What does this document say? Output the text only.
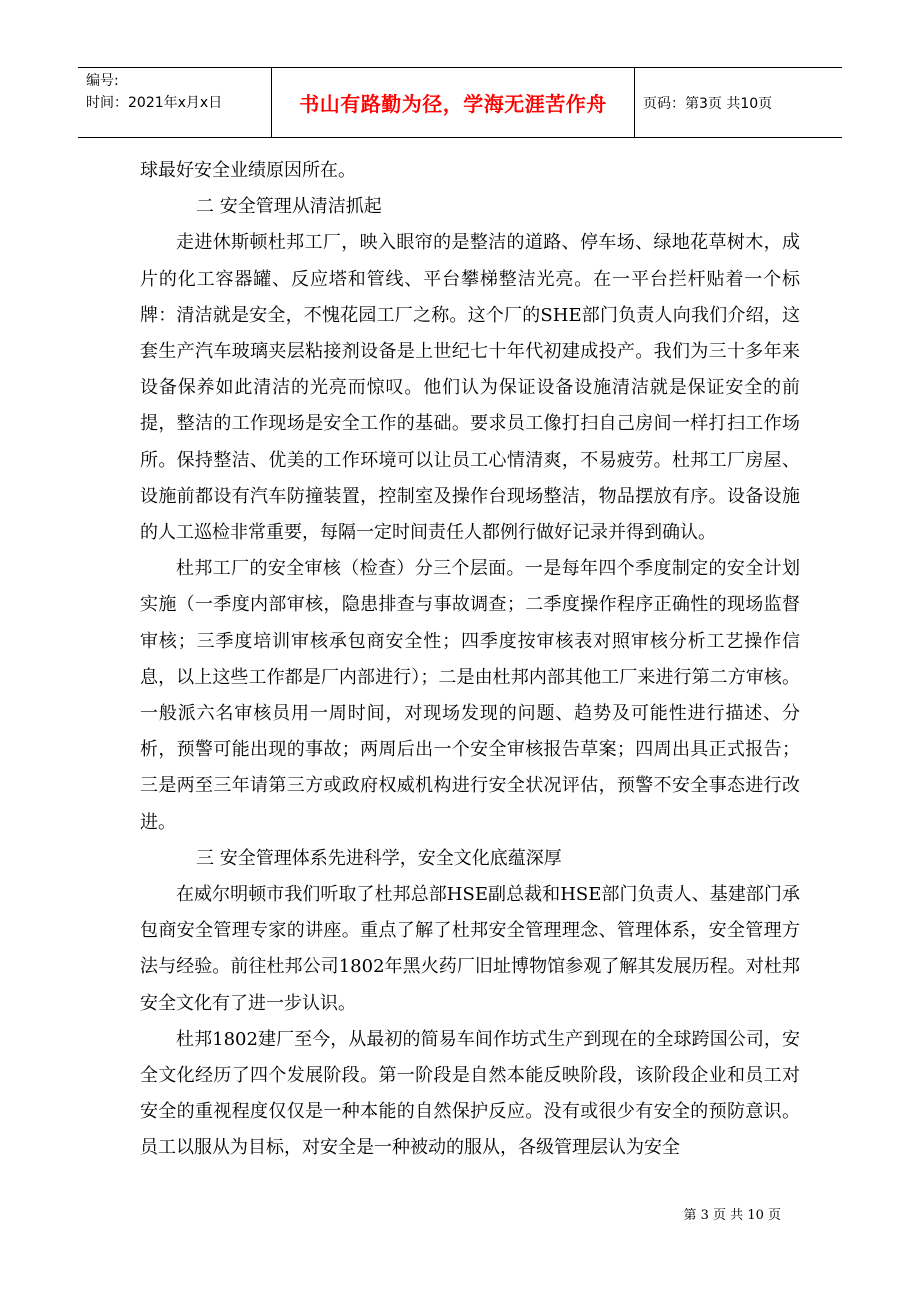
编号:
时间：2021年x月x日	书山有路勤为径，学海无涯苦作舟	页码：第3页 共10页

球最好安全业绩原因所在。

二 安全管理从清洁抓起

走进休斯顿杜邦工厂，映入眼帘的是整洁的道路、停车场、绿地花草树木，成片的化工容器罐、反应塔和管线、平台攀梯整洁光亮。在一平台拦杆贴着一个标牌：清洁就是安全，不愧花园工厂之称。这个厂的SHE部门负责人向我们介绍，这套生产汽车玻璃夹层粘接剂设备是上世纪七十年代初建成投产。我们为三十多年来设备保养如此清洁的光亮而惊叹。他们认为保证设备设施清洁就是保证安全的前提，整洁的工作现场是安全工作的基础。要求员工像打扫自己房间一样打扫工作场所。保持整洁、优美的工作环境可以让员工心情清爽，不易疲劳。杜邦工厂房屋、设施前都设有汽车防撞装置，控制室及操作台现场整洁，物品摆放有序。设备设施的人工巡检非常重要，每隔一定时间责任人都例行做好记录并得到确认。

杜邦工厂的安全审核（检查）分三个层面。一是每年四个季度制定的安全计划实施（一季度内部审核，隐患排查与事故调查；二季度操作程序正确性的现场监督审核；三季度培训审核承包商安全性；四季度按审核表对照审核分析工艺操作信息，以上这些工作都是厂内部进行）；二是由杜邦内部其他工厂来进行第二方审核。一般派六名审核员用一周时间，对现场发现的问题、趋势及可能性进行描述、分析，预警可能出现的事故；两周后出一个安全审核报告草案；四周出具正式报告；三是两至三年请第三方或政府权威机构进行安全状况评估，预警不安全事态进行改进。

三 安全管理体系先进科学，安全文化底蕴深厚

在威尔明顿市我们听取了杜邦总部HSE副总裁和HSE部门负责人、基建部门承包商安全管理专家的讲座。重点了解了杜邦安全管理理念、管理体系，安全管理方法与经验。前往杜邦公司1802年黑火药厂旧址博物馆参观了解其发展历程。对杜邦安全文化有了进一步认识。

杜邦1802建厂至今，从最初的简易车间作坊式生产到现在的全球跨国公司，安全文化经历了四个发展阶段。第一阶段是自然本能反映阶段，该阶段企业和员工对安全的重视程度仅仅是一种本能的自然保护反应。没有或很少有安全的预防意识。员工以服从为目标，对安全是一种被动的服从，各级管理层认为安全

第 3 页 共 10 页
